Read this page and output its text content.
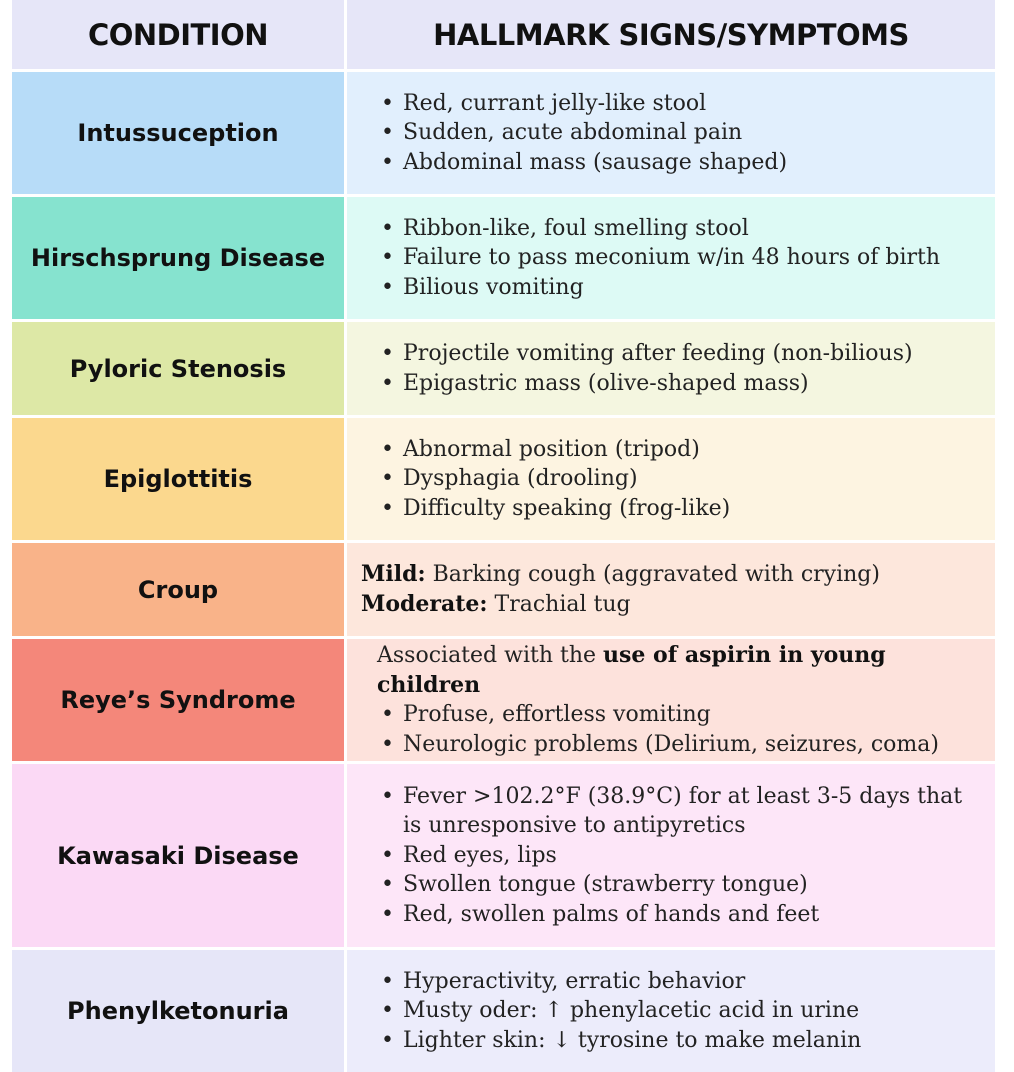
CONDITION	HALLMARK SIGNS/SYMPTOMS
Intussuception
• Red, currant jelly-like stool
• Sudden, acute abdominal pain
• Abdominal mass (sausage shaped)
Hirschsprung Disease
• Ribbon-like, foul smelling stool
• Failure to pass meconium w/in 48 hours of birth
• Bilious vomiting
Pyloric Stenosis
• Projectile vomiting after feeding (non-bilious)
• Epigastric mass (olive-shaped mass)
Epiglottitis
• Abnormal position (tripod)
• Dysphagia (drooling)
• Difficulty speaking (frog-like)
Croup
Mild: Barking cough (aggravated with crying)
Moderate: Trachial tug
Reye’s Syndrome
Associated with the use of aspirin in young children
• Profuse, effortless vomiting
• Neurologic problems (Delirium, seizures, coma)
Kawasaki Disease
• Fever >102.2°F (38.9°C) for at least 3-5 days that is unresponsive to antipyretics
• Red eyes, lips
• Swollen tongue (strawberry tongue)
• Red, swollen palms of hands and feet
Phenylketonuria
• Hyperactivity, erratic behavior
• Musty oder: ↑ phenylacetic acid in urine
• Lighter skin: ↓ tyrosine to make melanin
